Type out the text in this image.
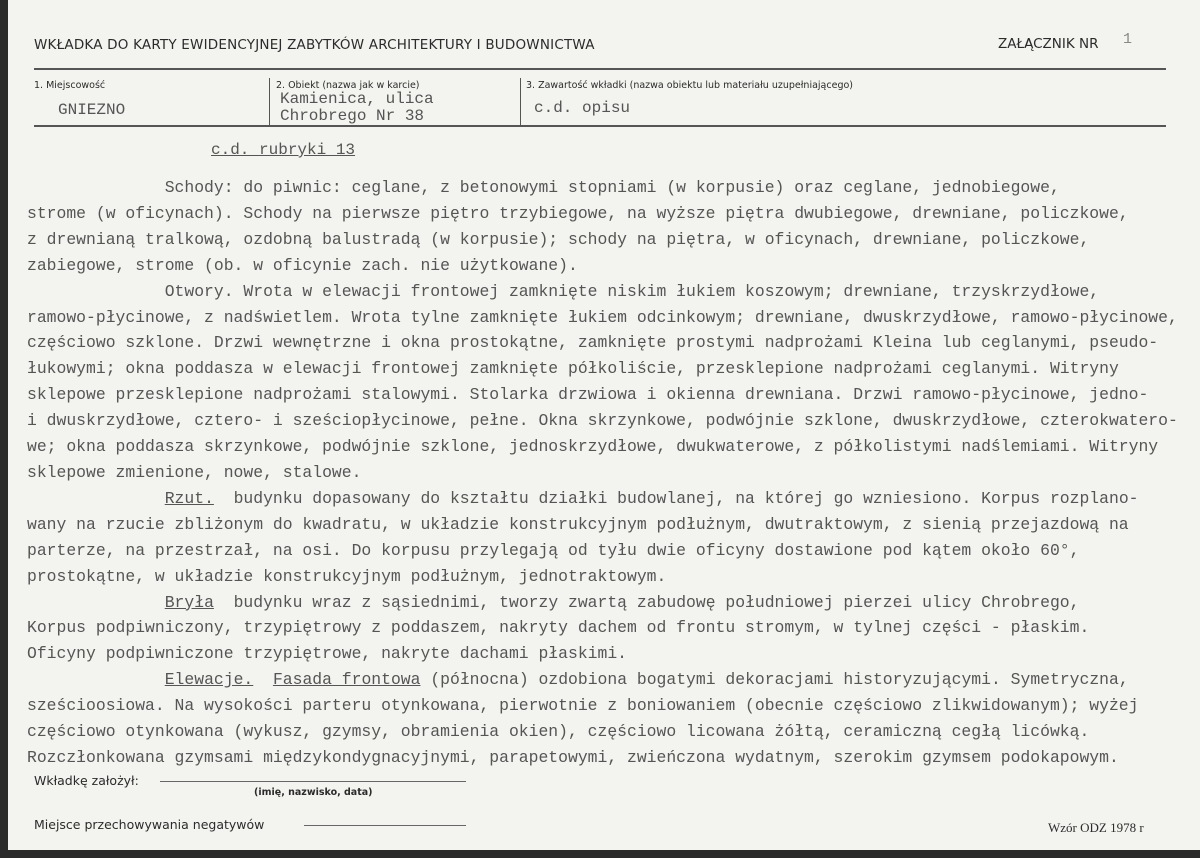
WKŁADKA DO KARTY EWIDENCYJNEJ ZABYTKÓW ARCHITEKTURY I BUDOWNICTWA	ZAŁĄCZNIK NR 1
1. Miejscowość
GNIEZNO
2. Obiekt (nazwa jak w karcie)
Kamienica, ulica
Chrobrego Nr 38
3. Zawartość wkładki (nazwa obiektu lub materiału uzupełniającego)
c.d. opisu
c.d. rubryki 13
Schody: do piwnic: ceglane, z betonowymi stopniami (w korpusie) oraz ceglane, jednobiegowe,
strome (w oficynach). Schody na pierwsze piętro trzybiegowe, na wyższe piętra dwubiegowe, drewniane, policzkowe,
z drewnianą tralkową, ozdobną balustradą (w korpusie); schody na piętra, w oficynach, drewniane, policzkowe,
zabiegowe, strome (ob. w oficynie zach. nie użytkowane).
Otwory. Wrota w elewacji frontowej zamknięte niskim łukiem koszowym; drewniane, trzyskrzydłowe,
ramowo-płycinowe, z nadświetlem. Wrota tylne zamknięte łukiem odcinkowym; drewniane, dwuskrzydłowe, ramowo-płycinowe,
częściowo szklone. Drzwi wewnętrzne i okna prostokątne, zamknięte prostymi nadprożami Kleina lub ceglanymi, pseudo-
łukowymi; okna poddasza w elewacji frontowej zamknięte półkoliście, przesklepione nadprożami ceglanymi. Witryny
sklepowe przesklepione nadprożami stalowymi. Stolarka drzwiowa i okienna drewniana. Drzwi ramowo-płycinowe, jedno-
i dwuskrzydłowe, cztero- i sześciopłycinowe, pełne. Okna skrzynkowe, podwójnie szklone, dwuskrzydłowe, czterokwatero-
we; okna poddasza skrzynkowe, podwójnie szklone, jednoskrzydłowe, dwukwaterowe, z półkolistymi nadślemiami. Witryny
sklepowe zmienione, nowe, stalowe.
Rzut.  budynku dopasowany do kształtu działki budowlanej, na której go wzniesiono. Korpus rozplano-
wany na rzucie zbliżonym do kwadratu, w układzie konstrukcyjnym podłużnym, dwutraktowym, z sienią przejazdową na
parterze, na przestrzał, na osi. Do korpusu przylegają od tyłu dwie oficyny dostawione pod kątem około 60°,
prostokątne, w układzie konstrukcyjnym podłużnym, jednotraktowym.
Bryła  budynku wraz z sąsiednimi, tworzy zwartą zabudowę południowej pierzei ulicy Chrobrego,
Korpus podpiwniczony, trzypiętrowy z poddaszem, nakryty dachem od frontu stromym, w tylnej części - płaskim.
Oficyny podpiwniczone trzypiętrowe, nakryte dachami płaskimi.
Elewacje. Fasada frontowa (północna) ozdobiona bogatymi dekoracjami historyzującymi. Symetryczna,
sześcioosiowa. Na wysokości parteru otynkowana, pierwotnie z boniowaniem (obecnie częściowo zlikwidowanym); wyżej
częściowo otynkowana (wykusz, gzymsy, obramienia okien), częściowo licowana żółtą, ceramiczną cegłą licówką.
Rozczłonkowana gzymsami międzykondygnacyjnymi, parapetowymi, zwieńczona wydatnym, szerokim gzymsem podokapowym.
Wkładkę założył:
(imię, nazwisko, data)
Miejsce przechowywania negatywów	Wzór ODZ 1978 r
